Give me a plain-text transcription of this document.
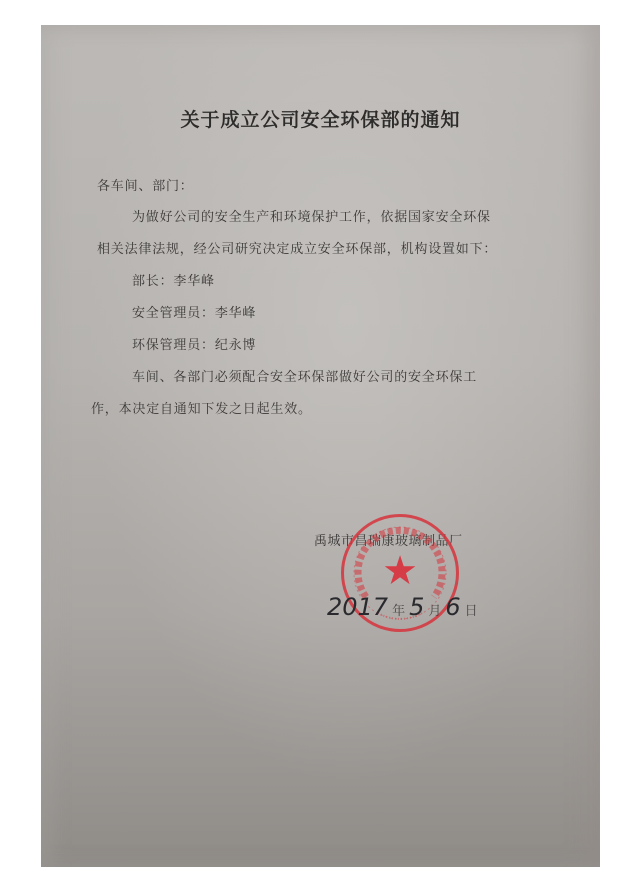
关于成立公司安全环保部的通知
各车间、部门：
为做好公司的安全生产和环境保护工作，依据国家安全环保
相关法律法规，经公司研究决定成立安全环保部，机构设置如下：
部长：李华峰
安全管理员：李华峰
环保管理员：纪永博
车间、各部门必须配合安全环保部做好公司的安全环保工
作，本决定自通知下发之日起生效。
禹城市昌瑞康玻璃制品厂
★
2017 年 5 月 6 日
